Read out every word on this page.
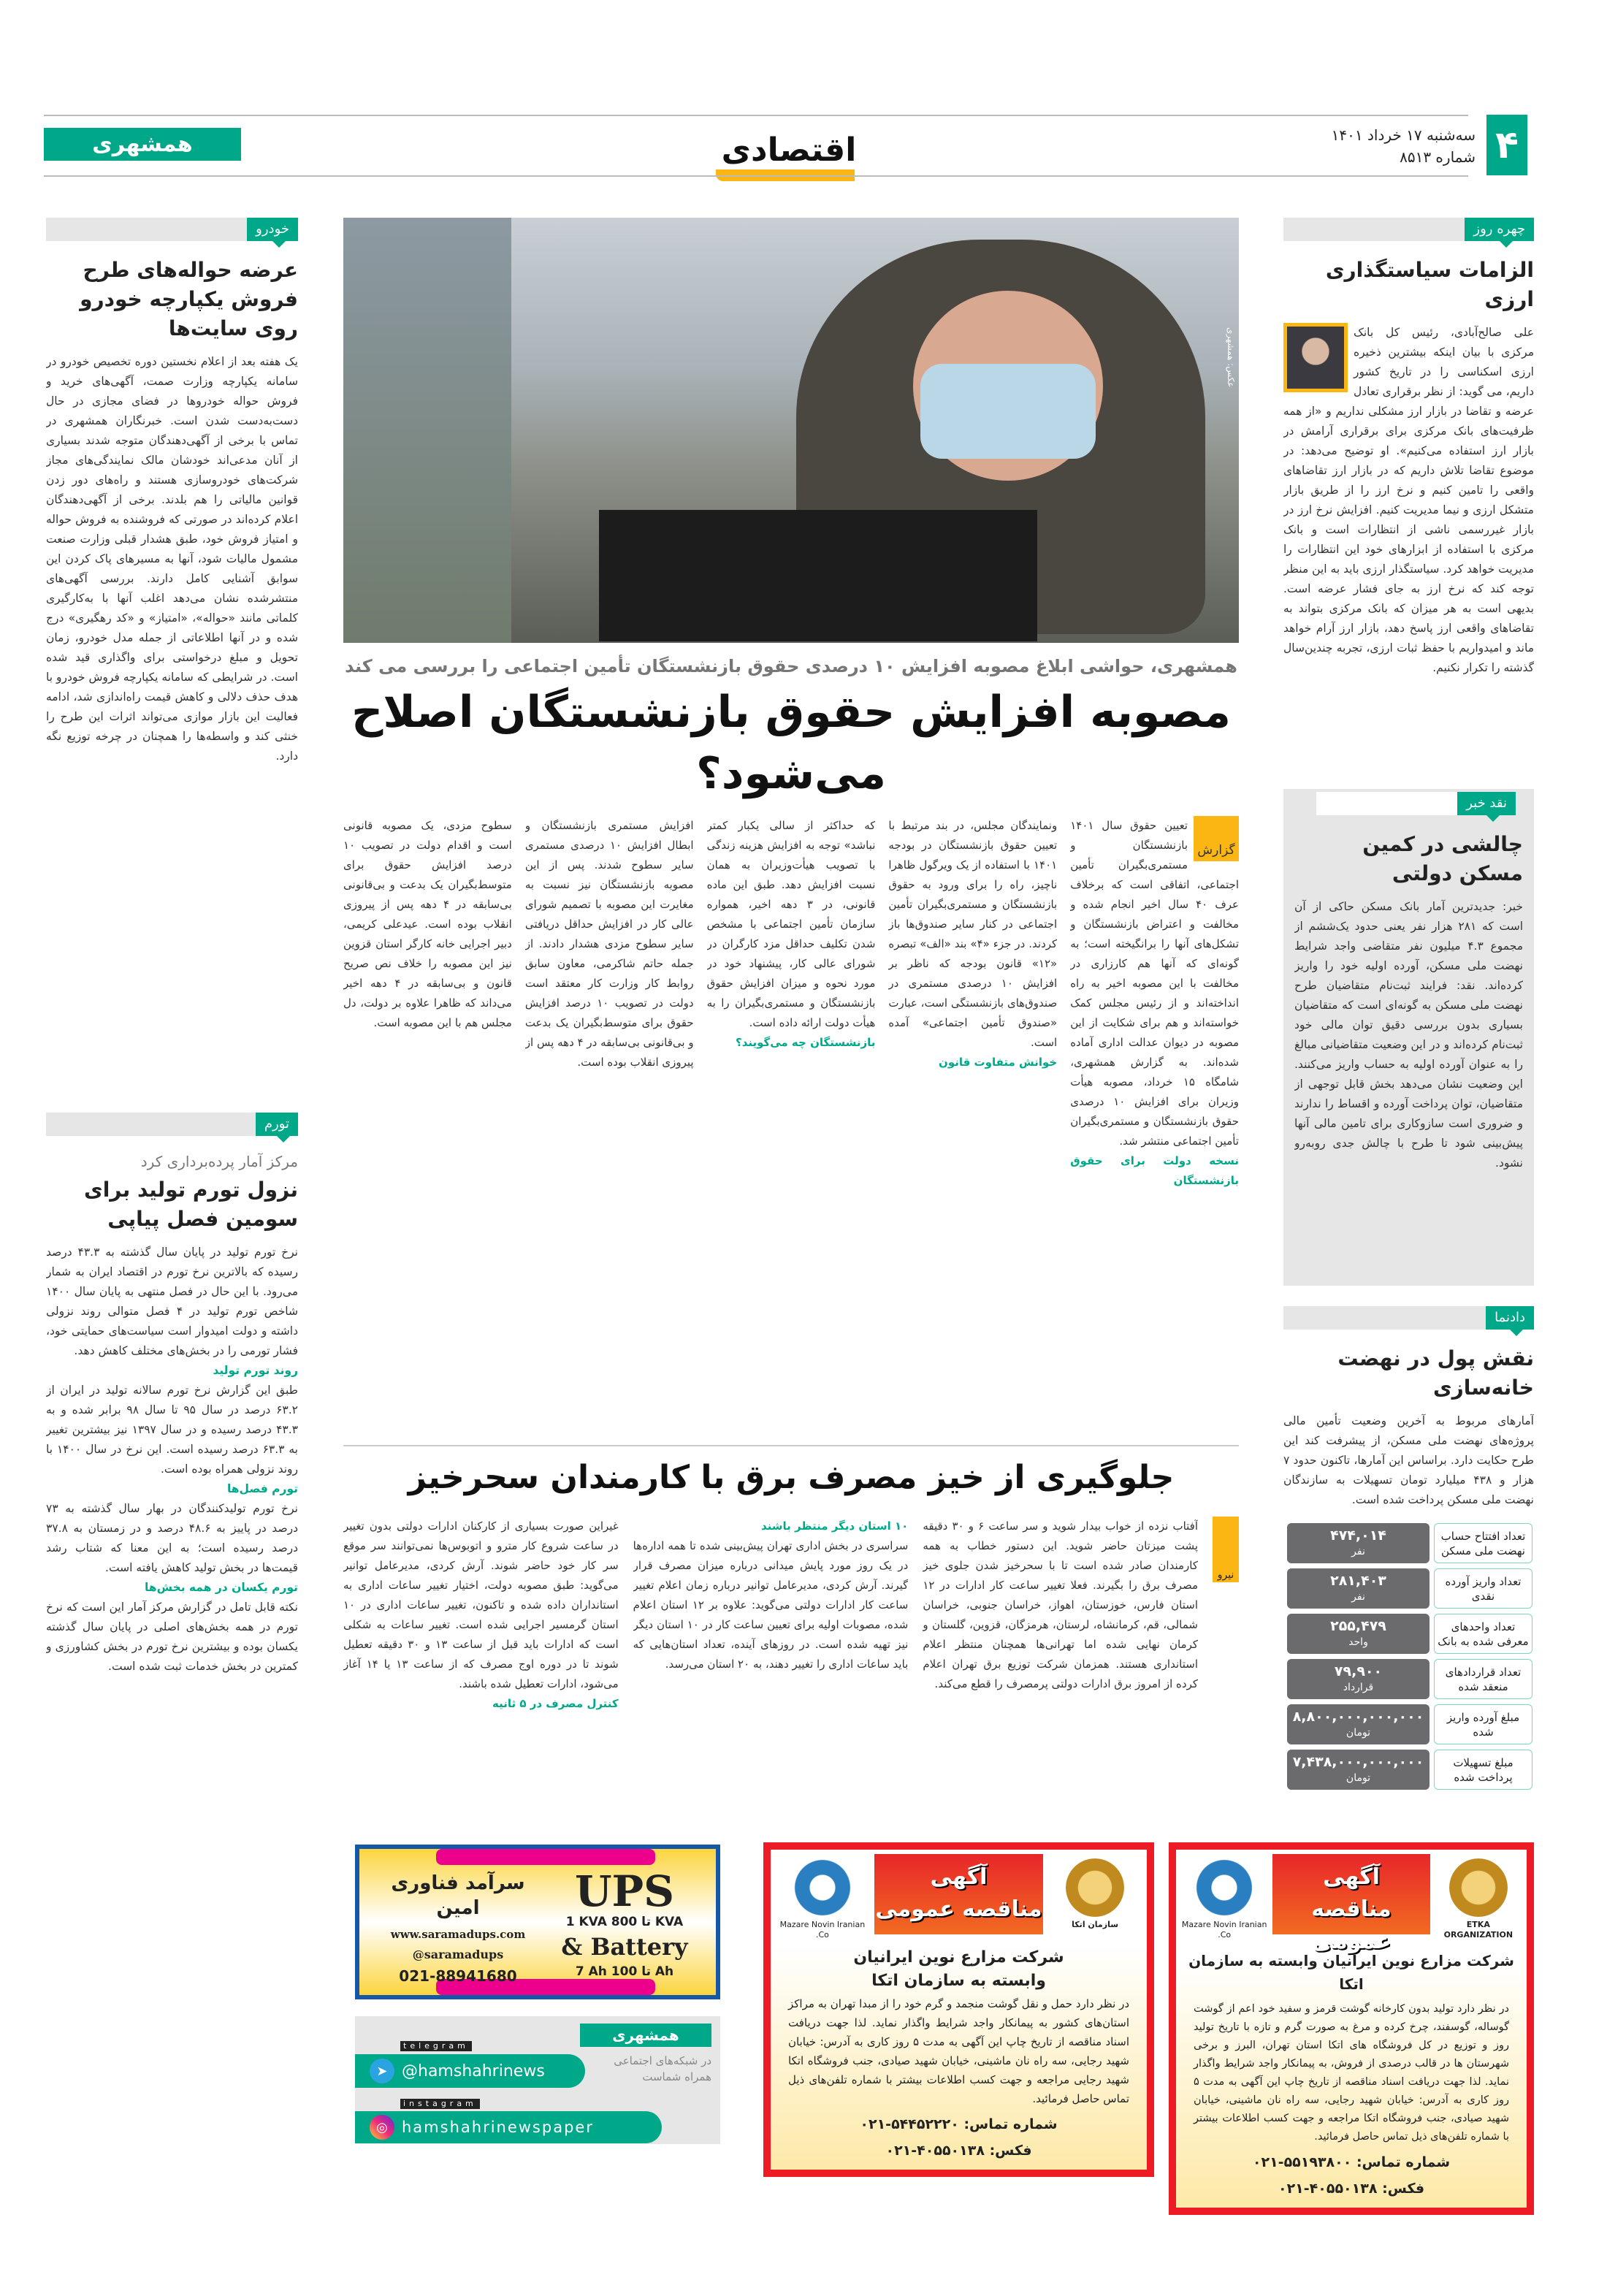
۴
سه‌شنبه ۱۷ خرداد ۱۴۰۱
شماره ۸۵۱۳
اقتصادی
همشهری
چهره روز
الزامات سیاستگذاری ارزی
علی صالح‌آبادی، رئیس کل بانک مرکزی با بیان اینکه بیشترین ذخیره ارزی اسکناسی را در تاریخ کشور داریم، می گوید: از نظر برقراری تعادل عرضه و تقاضا در بازار ارز مشکلی نداریم و «از همه ظرفیت‌های بانک مرکزی برای برقراری آرامش در بازار ارز استفاده می‌کنیم». او توضیح می‌دهد: در موضوع تقاضا تلاش داریم که در بازار ارز تقاضاهای واقعی را تامین کنیم و نرخ ارز را از طریق بازار متشکل ارزی و نیما مدیریت کنیم. افزایش نرخ ارز در بازار غیررسمی ناشی از انتظارات است و بانک مرکزی با استفاده از ابزارهای خود این انتظارات را مدیریت خواهد کرد. سیاستگذار ارزی باید به این منظر توجه کند که نرخ ارز به جای فشار عرضه است. بدیهی است به هر میزان که بانک مرکزی بتواند به تقاضاهای واقعی ارز پاسخ دهد، بازار ارز آرام خواهد ماند و امیدواریم با حفظ ثبات ارزی، تجربه چندین‌سال گذشته را تکرار نکنیم.
نقد خبر
چالشی در کمین مسکن دولتی
خبر: جدیدترین آمار بانک مسکن حاکی از آن است که ۲۸۱ هزار نفر یعنی حدود یک‌ششم از مجموع ۴.۳ میلیون نفر متقاضی واجد شرایط نهضت ملی مسکن، آورده اولیه خود را واریز کرده‌اند. نقد: فرایند ثبت‌نام متقاضیان طرح نهضت ملی مسکن به گونه‌ای است که متقاضیان بسیاری بدون بررسی دقیق توان مالی خود ثبت‌نام کرده‌اند و در این وضعیت متقاضیانی مبالغ را به عنوان آورده اولیه به حساب واریز می‌کنند. این وضعیت نشان می‌دهد بخش قابل توجهی از متقاضیان، توان پرداخت آورده و اقساط را ندارند و ضروری است سازوکاری برای تامین مالی آنها پیش‌بینی شود تا طرح با چالش جدی روبه‌رو نشود.
دادنما
نقش پول در نهضت خانه‌سازی
آمارهای مربوط به آخرین وضعیت تأمین مالی پروژه‌های نهضت ملی مسکن، از پیشرفت کند این طرح حکایت دارد. براساس این آمارها، تاکنون حدود ۷ هزار و ۴۳۸ میلیارد تومان تسهیلات به سازندگان نهضت ملی مسکن پرداخت شده است.
تعداد افتتاح حساب نهضت ملی مسکن
۴۷۴,۰۱۴
نفر
تعداد واریز آورده نقدی
۲۸۱,۴۰۳
نفر
تعداد واحدهای معرفی شده به بانک
۲۵۵,۴۷۹
واحد
تعداد قراردادهای منعقد شده
۷۹,۹۰۰
قرارداد
مبلغ آورده واریز شده
۸,۸۰۰,۰۰۰,۰۰۰,۰۰۰
تومان
مبلغ تسهیلات پرداخت شده
۷,۴۳۸,۰۰۰,۰۰۰,۰۰۰
تومان
خودرو
عرضه حواله‌های طرح فروش یکپارچه خودرو روی سایت‌ها
یک هفته بعد از اعلام نخستین دوره تخصیص خودرو در سامانه یکپارچه وزارت صمت، آگهی‌های خرید و فروش حواله خودروها در فضای مجازی در حال دست‌به‌دست شدن است. خبرنگاران همشهری در تماس با برخی از آگهی‌دهندگان متوجه شدند بسیاری از آنان مدعی‌اند خودشان مالک نمایندگی‌های مجاز شرکت‌های خودروسازی هستند و راه‌های دور زدن قوانین مالیاتی را هم بلدند. برخی از آگهی‌دهندگان اعلام کرده‌اند در صورتی که فروشنده به فروش حواله و امتیاز فروش خود، طبق هشدار قبلی وزارت صنعت مشمول مالیات شود، آنها به مسیرهای پاک کردن این سوابق آشنایی کامل دارند. بررسی آگهی‌های منتشرشده نشان می‌دهد اغلب آنها با به‌کارگیری کلماتی مانند «حواله»، «امتیاز» و «کد رهگیری» درج شده و در آنها اطلاعاتی از جمله مدل خودرو، زمان تحویل و مبلغ درخواستی برای واگذاری قید شده است. در شرایطی که سامانه یکپارچه فروش خودرو با هدف حذف دلالی و کاهش قیمت راه‌اندازی شد، ادامه فعالیت این بازار موازی می‌تواند اثرات این طرح را خنثی کند و واسطه‌ها را همچنان در چرخه توزیع نگه دارد.
تورم
مرکز آمار پرده‌برداری کرد
نزول تورم تولید برای سومین فصل پیاپی

نرخ تورم تولید در پایان سال گذشته به ۴۳.۳ درصد رسیده که بالاترین نرخ تورم در اقتصاد ایران به شمار می‌رود. با این حال در فصل منتهی به پایان سال ۱۴۰۰ شاخص تورم تولید در ۴ فصل متوالی روند نزولی داشته و دولت امیدوار است سیاست‌های حمایتی خود، فشار تورمی را در بخش‌های مختلف کاهش دهد.

روند تورم تولید

طبق این گزارش نرخ تورم سالانه تولید در ایران از ۶۳.۲ درصد در سال ۹۵ تا سال ۹۸ برابر شده و به ۴۳.۳ درصد رسیده و در سال ۱۳۹۷ نیز بیشترین تغییر به ۶۳.۳ درصد رسیده است. این نرخ در سال ۱۴۰۰ با روند نزولی همراه بوده است.

تورم فصل‌ها

نرخ تورم تولیدکنندگان در بهار سال گذشته به ۷۳ درصد در پاییز به ۴۸.۶ درصد و در زمستان به ۳۷.۸ درصد رسیده است؛ به این معنا که شتاب رشد قیمت‌ها در بخش تولید کاهش یافته است.

تورم یکسان در همه بخش‌ها

نکته قابل تامل در گزارش مرکز آمار این است که نرخ تورم در همه بخش‌های اصلی در پایان سال گذشته یکسان بوده و بیشترین نرخ تورم در بخش کشاورزی و کمترین در بخش خدمات ثبت شده است.

عکس: همشهری
همشهری، حواشی ابلاغ مصوبه افزایش ۱۰ درصدی حقوق بازنشستگان تأمین اجتماعی را بررسی می کند
مصوبه افزایش حقوق بازنشستگان اصلاح می‌شود؟
گزارش
تعیین حقوق سال ۱۴۰۱ بازنشستگان و مستمری‌بگیران تأمین اجتماعی، اتفاقی است که برخلاف عرف ۴۰ سال اخیر انجام شده و مخالفت و اعتراض بازنشستگان و تشکل‌های آنها را برانگیخته است؛ به گونه‌ای که آنها هم کارزاری در مخالفت با این مصوبه اخیر به راه انداخته‌اند و از رئیس مجلس کمک خواسته‌اند و هم برای شکایت از این مصوبه در دیوان عدالت اداری آماده شده‌اند. به گزارش همشهری، شامگاه ۱۵ خرداد، مصوبه هیأت وزیران برای افزایش ۱۰ درصدی حقوق بازنشستگان و مستمری‌بگیران تأمین اجتماعی منتشر شد.
نسخه دولت برای حقوق بازنشستگان
ونمایندگان مجلس، در بند مرتبط با تعیین حقوق بازنشستگان در بودجه ۱۴۰۱ با استفاده از یک ویرگول ظاهرا ناچیز، راه را برای ورود به حقوق بازنشستگان و مستمری‌بگیران تأمین اجتماعی در کنار سایر صندوق‌ها باز کردند. در جزء «۴» بند «الف» تبصره «۱۲» قانون بودجه که ناظر بر افزایش ۱۰ درصدی مستمری در صندوق‌های بازنشستگی است، عبارت «صندوق تأمین اجتماعی» آمده است.
خوانش متفاوت قانون
که حداکثر از سالی یکبار کمتر نباشد» توجه به افزایش هزینه زندگی با تصویب هیأت‌وزیران به همان نسبت افزایش دهد. طبق این ماده قانونی، در ۳ دهه اخیر، همواره سازمان تأمین اجتماعی با مشخص شدن تکلیف حداقل مزد کارگران در شورای عالی کار، پیشنهاد خود در مورد نحوه و میزان افزایش حقوق بازنشستگان و مستمری‌بگیران را به هیأت دولت ارائه داده است.
بازنشستگان چه می‌گویند؟
افزایش مستمری بازنشستگان و ابطال افزایش ۱۰ درصدی مستمری سایر سطوح شدند. پس از این مصوبه بازنشستگان نیز نسبت به مغایرت این مصوبه با تصمیم شورای عالی کار در افزایش حداقل دریافتی سایر سطوح مزدی هشدار دادند. از جمله حاتم شاکرمی، معاون سابق روابط کار وزارت کار معتقد است دولت در تصویب ۱۰ درصد افزایش حقوق برای متوسط‌بگیران یک بدعت و بی‌قانونی بی‌سابقه در ۴ دهه پس از پیروزی انقلاب بوده است.
سطوح مزدی، یک مصوبه قانونی است و اقدام دولت در تصویب ۱۰ درصد افزایش حقوق برای متوسط‌بگیران یک بدعت و بی‌قانونی بی‌سابقه در ۴ دهه پس از پیروزی انقلاب بوده است. عیدعلی کریمی، دبیر اجرایی خانه کارگر استان قزوین نیز این مصوبه را خلاف نص صریح قانون و بی‌سابقه در ۴ دهه اخیر می‌داند که ظاهرا علاوه بر دولت، دل مجلس هم با این مصوبه است.
جلوگیری از خیز مصرف برق با کارمندان سحرخیز
نیرو
آفتاب نزده از خواب بیدار شوید و سر ساعت ۶ و ۳۰ دقیقه پشت میزتان حاضر شوید. این دستور خطاب به همه کارمندان صادر شده است تا با سحرخیز شدن جلوی خیز مصرف برق را بگیرند. فعلا تغییر ساعت کار ادارات در ۱۲ استان فارس، خوزستان، اهواز، خراسان جنوبی، خراسان شمالی، قم، کرمانشاه، لرستان، هرمزگان، قزوین، گلستان و کرمان نهایی شده اما تهرانی‌ها همچنان منتظر اعلام استانداری هستند. همزمان شرکت توزیع برق تهران اعلام کرده از امروز برق ادارات دولتی پرمصرف را قطع می‌کند.
۱۰ استان دیگر منتظر باشند
سراسری در بخش اداری تهران پیش‌بینی شده تا همه اداره‌ها در یک روز مورد پایش میدانی درباره میزان مصرف قرار گیرند. آرش کردی، مدیرعامل توانیر درباره زمان اعلام تغییر ساعت کار ادارات دولتی می‌گوید: علاوه بر ۱۲ استان اعلام شده، مصوبات اولیه برای تعیین ساعت کار در ۱۰ استان دیگر نیز تهیه شده است. در روزهای آینده، تعداد استان‌هایی که باید ساعات اداری را تغییر دهند، به ۲۰ استان می‌رسد.
غیراین صورت بسیاری از کارکنان ادارات دولتی بدون تغییر در ساعت شروع کار مترو و اتوبوس‌ها نمی‌توانند سر موقع سر کار خود حاضر شوند. آرش کردی، مدیرعامل توانیر می‌گوید: طبق مصوبه دولت، اختیار تغییر ساعات اداری به استانداران داده شده و تاکنون، تغییر ساعات اداری در ۱۰ استان گرمسیر اجرایی شده است. تغییر ساعات به شکلی است که ادارات باید قبل از ساعت ۱۳ و ۳۰ دقیقه تعطیل شوند تا در دوره اوج مصرف که از ساعت ۱۳ یا ۱۴ آغاز می‌شود، ادارات تعطیل شده باشند.
کنترل مصرف در ۵ ثانیه
ETKA ORGANIZATION
آگهی
مناقصه عمومی
Mazare Novin Iranian Co.
شرکت مزارع نوین ایرانیان وابسته به سازمان اتکا
در نظر دارد تولید بدون کارخانه گوشت قرمز و سفید خود اعم از گوشت گوساله، گوسفند، چرخ کرده و مرغ به صورت گرم و تازه با تاریخ تولید روز و توزیع در کل فروشگاه های اتکا استان تهران، البرز و برخی شهرستان ها در قالب درصدی از فروش، به پیمانکار واجد شرایط واگذار نماید. لذا جهت دریافت اسناد مناقصه از تاریخ چاپ این آگهی به مدت ۵ روز کاری به آدرس: خیابان شهید رجایی، سه راه نان ماشینی، خیابان شهید صیادی، جنب فروشگاه اتکا مراجعه و جهت کسب اطلاعات بیشتر با شماره تلفن‌های ذیل تماس حاصل فرمائید.
شماره تماس: ۵۵۱۹۳۸۰۰-۰۲۱
فکس: ۴۰۵۵۰۱۳۸-۰۲۱
سازمان اتکا
آگهی
مناقصه عمومی
Mazare Novin Iranian Co.
شرکت مزارع نوین ایرانیان
وابسته به سازمان اتکا
در نظر دارد حمل و نقل گوشت منجمد و گرم خود را از مبدا تهران به مراکز استان‌های کشور به پیمانکار واجد شرایط واگذار نماید. لذا جهت دریافت اسناد مناقصه از تاریخ چاپ این آگهی به مدت ۵ روز کاری به آدرس: خیابان شهید رجایی، سه راه نان ماشینی، خیابان شهید صیادی، جنب فروشگاه اتکا شهید رجایی مراجعه و جهت کسب اطلاعات بیشتر با شماره تلفن‌های ذیل تماس حاصل فرمائید.
شماره تماس: ۵۴۴۵۲۲۲۰-۰۲۱
فکس: ۴۰۵۵۰۱۳۸-۰۲۱
UPS
1 KVA تا 800 KVA
& Battery
7 Ah تا 100 Ah
سرآمد فناوری امین
www.saramadups.com
@saramadups
021-88941680
همشهری
در شبکه‌های اجتماعی
همراه شماست
telegram
➤ @hamshahrinews
instagram
◎ hamshahrinewspaper
